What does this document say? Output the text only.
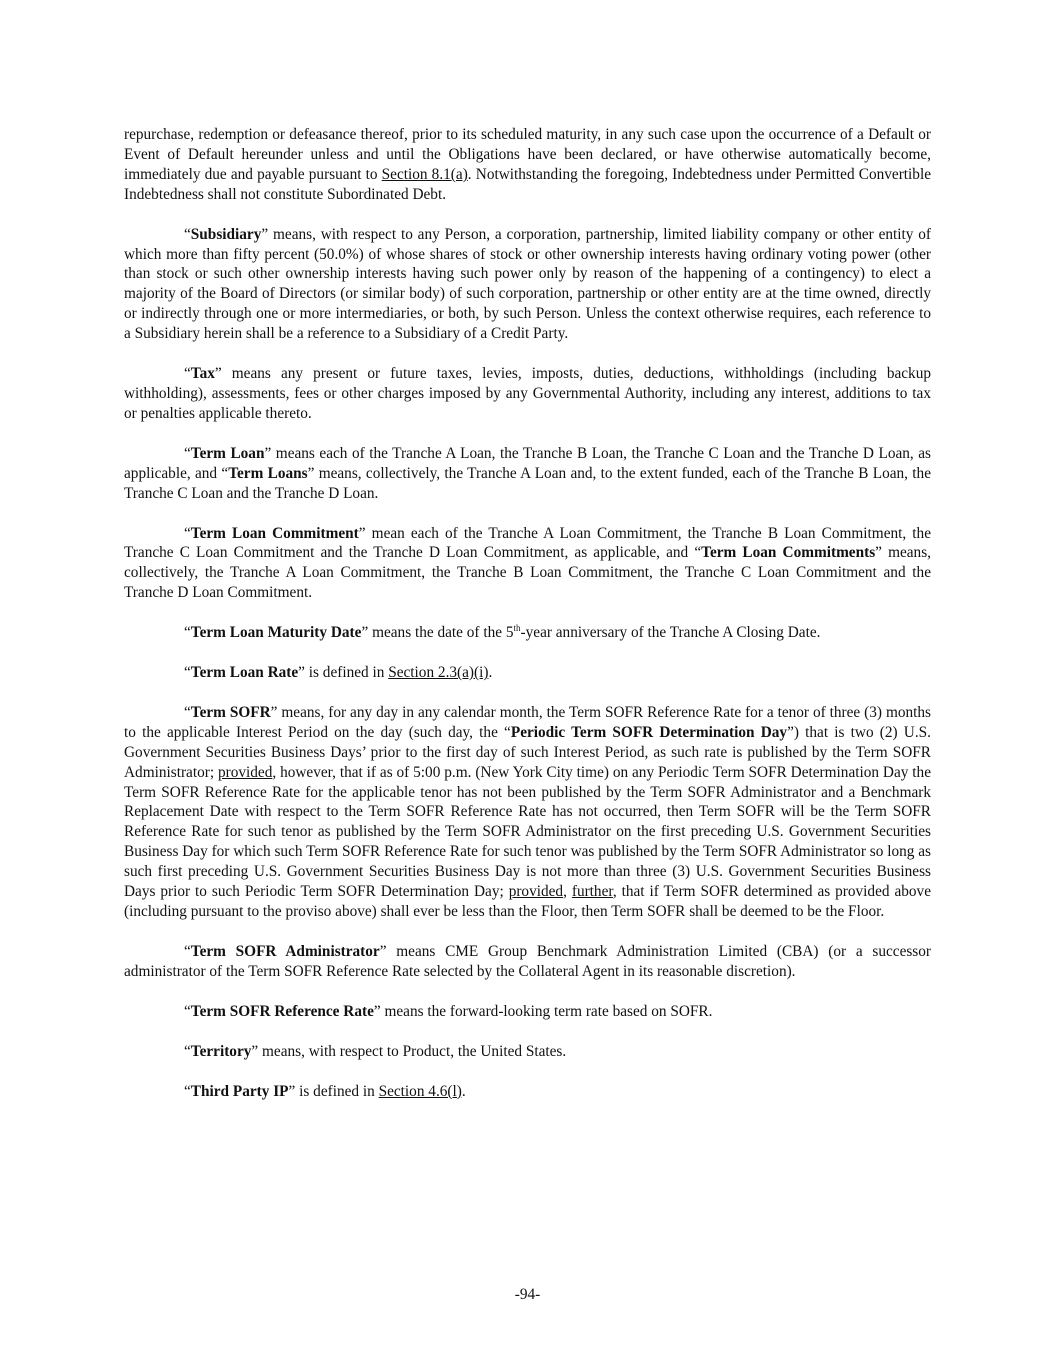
repurchase, redemption or defeasance thereof, prior to its scheduled maturity, in any such case upon the occurrence of a Default or Event of Default hereunder unless and until the Obligations have been declared, or have otherwise automatically become, immediately due and payable pursuant to Section 8.1(a). Notwithstanding the foregoing, Indebtedness under Permitted Convertible Indebtedness shall not constitute Subordinated Debt.

“Subsidiary” means, with respect to any Person, a corporation, partnership, limited liability company or other entity of which more than fifty percent (50.0%) of whose shares of stock or other ownership interests having ordinary voting power (other than stock or such other ownership interests having such power only by reason of the happening of a contingency) to elect a majority of the Board of Directors (or similar body) of such corporation, partnership or other entity are at the time owned, directly or indirectly through one or more intermediaries, or both, by such Person. Unless the context otherwise requires, each reference to a Subsidiary herein shall be a reference to a Subsidiary of a Credit Party.

“Tax” means any present or future taxes, levies, imposts, duties, deductions, withholdings (including backup withholding), assessments, fees or other charges imposed by any Governmental Authority, including any interest, additions to tax or penalties applicable thereto.

“Term Loan” means each of the Tranche A Loan, the Tranche B Loan, the Tranche C Loan and the Tranche D Loan, as applicable, and “Term Loans” means, collectively, the Tranche A Loan and, to the extent funded, each of the Tranche B Loan, the Tranche C Loan and the Tranche D Loan.

“Term Loan Commitment” mean each of the Tranche A Loan Commitment, the Tranche B Loan Commitment, the Tranche C Loan Commitment and the Tranche D Loan Commitment, as applicable, and “Term Loan Commitments” means, collectively, the Tranche A Loan Commitment, the Tranche B Loan Commitment, the Tranche C Loan Commitment and the Tranche D Loan Commitment.

“Term Loan Maturity Date” means the date of the 5th-year anniversary of the Tranche A Closing Date.

“Term Loan Rate” is defined in Section 2.3(a)(i).

“Term SOFR” means, for any day in any calendar month, the Term SOFR Reference Rate for a tenor of three (3) months to the applicable Interest Period on the day (such day, the “Periodic Term SOFR Determination Day”) that is two (2) U.S. Government Securities Business Days’ prior to the first day of such Interest Period, as such rate is published by the Term SOFR Administrator; provided, however, that if as of 5:00 p.m. (New York City time) on any Periodic Term SOFR Determination Day the Term SOFR Reference Rate for the applicable tenor has not been published by the Term SOFR Administrator and a Benchmark Replacement Date with respect to the Term SOFR Reference Rate has not occurred, then Term SOFR will be the Term SOFR Reference Rate for such tenor as published by the Term SOFR Administrator on the first preceding U.S. Government Securities Business Day for which such Term SOFR Reference Rate for such tenor was published by the Term SOFR Administrator so long as such first preceding U.S. Government Securities Business Day is not more than three (3) U.S. Government Securities Business Days prior to such Periodic Term SOFR Determination Day; provided, further, that if Term SOFR determined as provided above (including pursuant to the proviso above) shall ever be less than the Floor, then Term SOFR shall be deemed to be the Floor.

“Term SOFR Administrator” means CME Group Benchmark Administration Limited (CBA) (or a successor administrator of the Term SOFR Reference Rate selected by the Collateral Agent in its reasonable discretion).

“Term SOFR Reference Rate” means the forward-looking term rate based on SOFR.

“Territory” means, with respect to Product, the United States.

“Third Party IP” is defined in Section 4.6(l).

-94-
